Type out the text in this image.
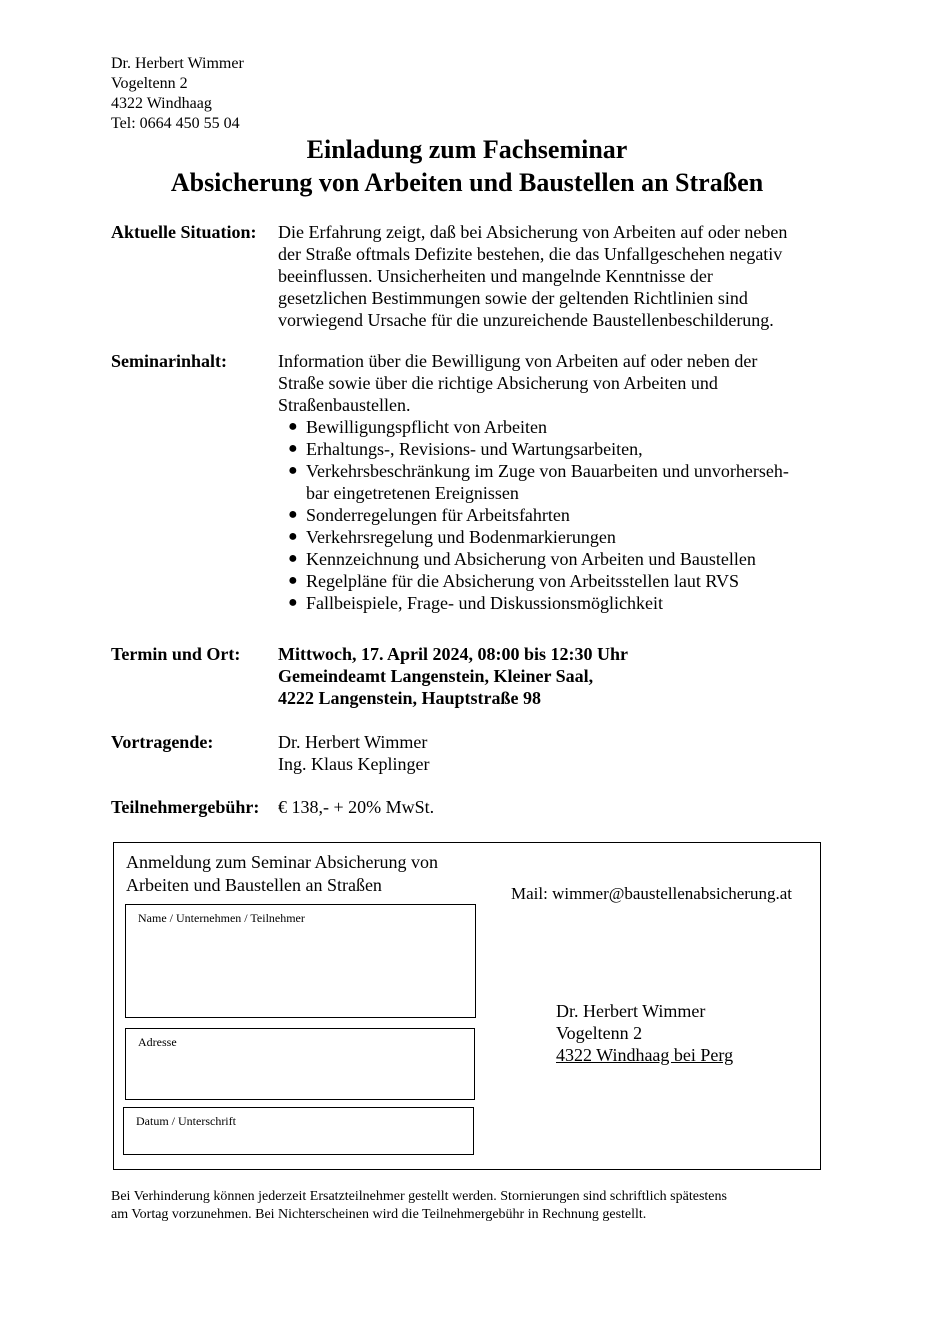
Dr. Herbert Wimmer
Vogeltenn 2
4322 Windhaag
Tel: 0664 450 55 04
Einladung zum Fachseminar
Absicherung von Arbeiten und Baustellen an Straßen
Aktuelle Situation: Die Erfahrung zeigt, daß bei Absicherung von Arbeiten auf oder neben
der Straße oftmals Defizite bestehen, die das Unfallgeschehen negativ
beeinflussen. Unsicherheiten und mangelnde Kenntnisse der
gesetzlichen Bestimmungen sowie der geltenden Richtlinien sind
vorwiegend Ursache für die unzureichende Baustellenbeschilderung.
Seminarinhalt:	Information über die Bewilligung von Arbeiten auf oder neben der
Straße sowie über die richtige Absicherung von Arbeiten und
Straßenbaustellen.
● Bewilligungspflicht von Arbeiten
● Erhaltungs-, Revisions- und Wartungsarbeiten,
● Verkehrsbeschränkung im Zuge von Bauarbeiten und unvorherseh-
bar eingetretenen Ereignissen
● Sonderregelungen für Arbeitsfahrten
● Verkehrsregelung und Bodenmarkierungen
● Kennzeichnung und Absicherung von Arbeiten und Baustellen
● Regelpläne für die Absicherung von Arbeitsstellen laut RVS
● Fallbeispiele, Frage- und Diskussionsmöglichkeit
Termin und Ort: Mittwoch, 17. April 2024, 08:00 bis 12:30 Uhr
Gemeindeamt Langenstein, Kleiner Saal,
4222 Langenstein, Hauptstraße 98
Vortragende:	Dr. Herbert Wimmer
Ing. Klaus Keplinger
Teilnehmergebühr: € 138,- + 20% MwSt.
Anmeldung zum Seminar Absicherung von
Arbeiten und Baustellen an Straßen
Name / Unternehmen / Teilnehmer
Adresse
Datum / Unterschrift
Mail: wimmer@baustellenabsicherung.at
Dr. Herbert Wimmer
Vogeltenn 2
4322 Windhaag bei Perg
Bei Verhinderung können jederzeit Ersatzteilnehmer gestellt werden. Stornierungen sind schriftlich spätestens
am Vortag vorzunehmen. Bei Nichterscheinen wird die Teilnehmergebühr in Rechnung gestellt.
